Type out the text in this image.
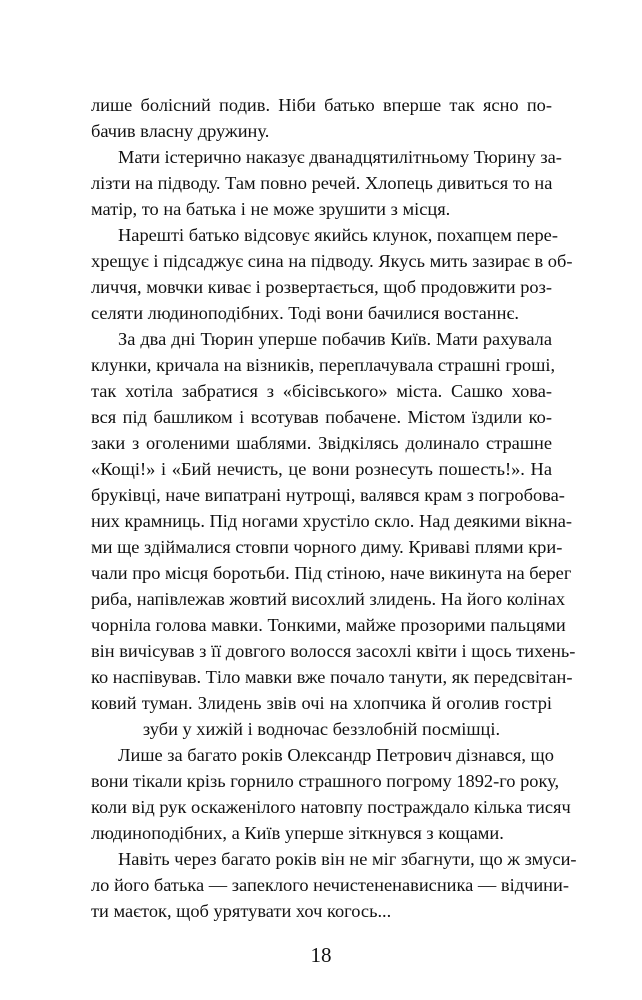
лише болісний подив. Ніби батько вперше так ясно по-

бачив власну дружину.

Мати істерично наказує дванадцятилітньому Тюрину за-

лізти на підводу. Там повно речей. Хлопець дивиться то на

матір, то на батька і не може зрушити з місця.

Нарешті батько відсовує якийсь клунок, похапцем пере-

хрещує і підсаджує сина на підводу. Якусь мить зазирає в об-

личчя, мовчки киває і розвертається, щоб продовжити роз-

селяти людиноподібних. Тоді вони бачилися востаннє.

За два дні Тюрин уперше побачив Київ. Мати рахувала

клунки, кричала на візників, переплачувала страшні гроші,

так хотіла забратися з «бісівського» міста. Сашко хова-

вся під башликом і всотував побачене. Містом їздили ко-

заки з оголеними шаблями. Звідкілясь долинало страшне

«Кощі!» і «Бий нечисть, це вони рознесуть пошесть!». На

бруківці, наче випатрані нутрощі, валявся крам з погробова-

них крамниць. Під ногами хрустіло скло. Над деякими вікна-

ми ще здіймалися стовпи чорного диму. Криваві плями кри-

чали про місця боротьби. Під стіною, наче викинута на берег

риба, напівлежав жовтий висохлий злидень. На його колінах

чорніла голова мавки. Тонкими, майже прозорими пальцями

він вичісував з її довгого волосся засохлі квіти і щось тихень-

ко наспівував. Тіло мавки вже почало танути, як передсвітан-

ковий туман. Злидень звів очі на хлопчика й оголив гострі

зуби у хижій і водночас беззлобній посмішці.

Лише за багато років Олександр Петрович дізнався, що

вони тікали крізь горнило страшного погрому 1892-го року,

коли від рук оскаженілого натовпу постраждало кілька тисяч

людиноподібних, а Київ уперше зіткнувся з кощами.

Навіть через багато років він не міг збагнути, що ж змуси-

ло його батька — запеклого нечистененависника — відчини-

ти маєток, щоб урятувати хоч когось...

18
